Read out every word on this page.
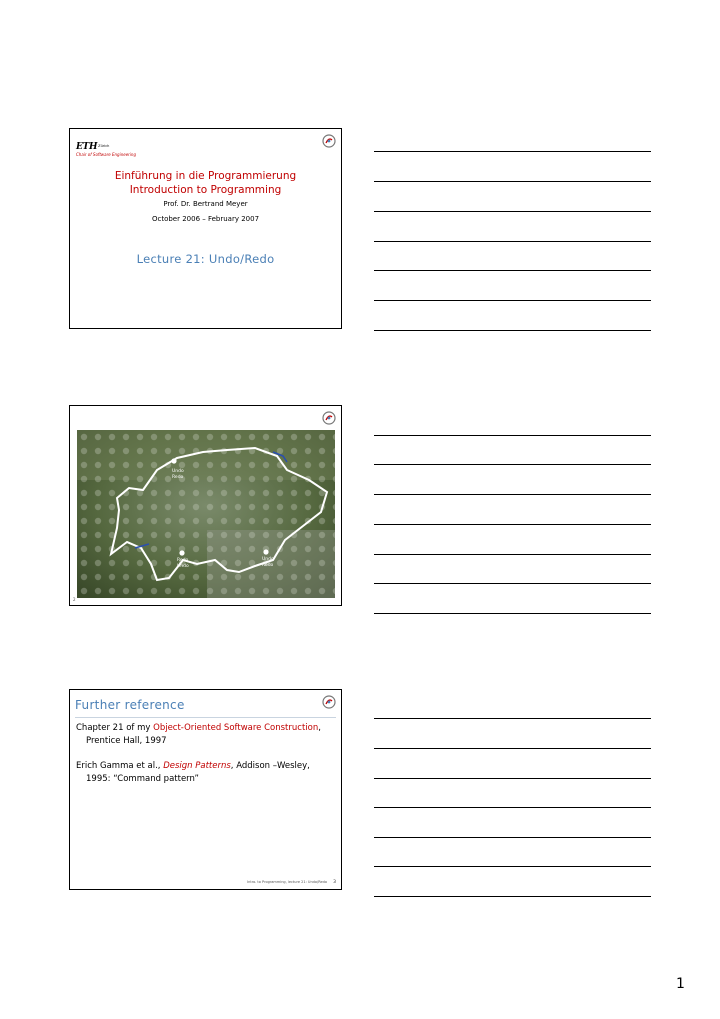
ETHZürich
Chair of Software Engineering
Einführung in die Programmierung
Introduction to Programming
Prof. Dr. Bertrand Meyer
October 2006 – February 2007
Lecture 21: Undo/Redo
Undo
Redo
Redo
Undo
Undo
Redo
2
Further reference
Chapter 21 of my Object-Oriented Software Construction,
Prentice Hall, 1997
Erich Gamma et al., Design Patterns, Addison –Wesley,
1995: “Command pattern”
Intro. to Programming, lecture 21: Undo/Redo 3
1
